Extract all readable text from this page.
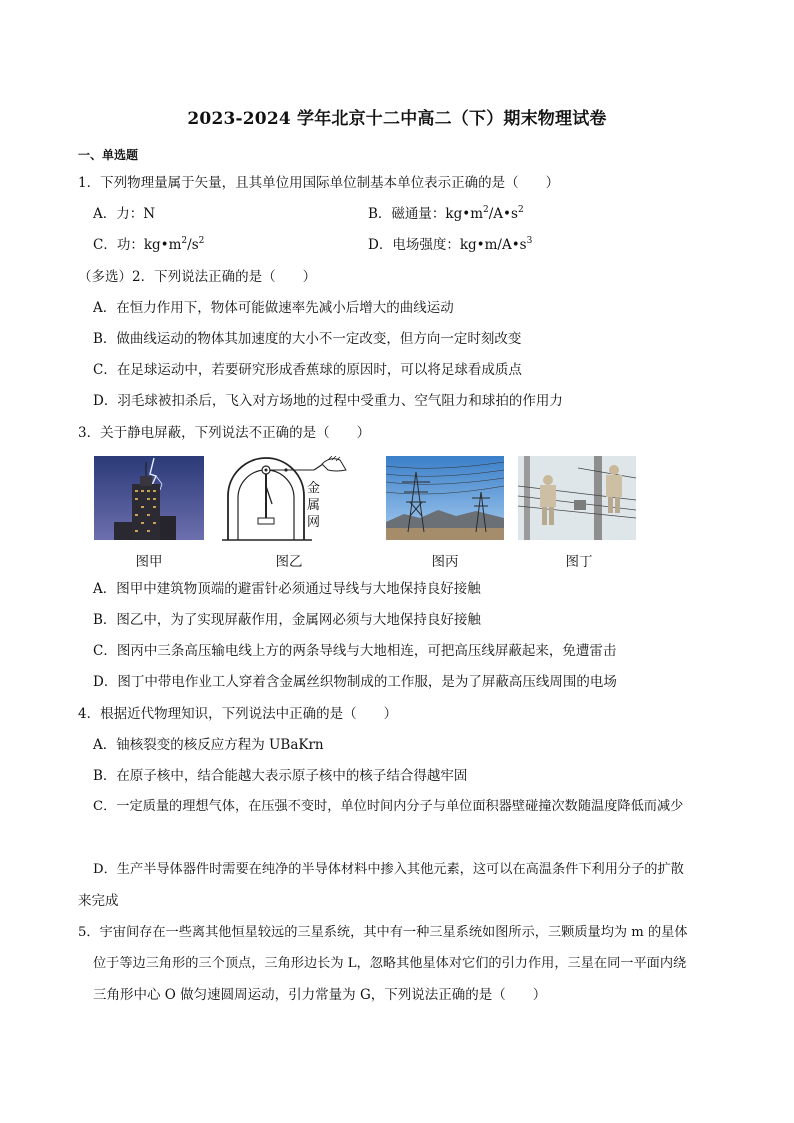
2023-2024 学年北京十二中高二（下）期末物理试卷
一、单选题
1．下列物理量属于矢量，且其单位用国际单位制基本单位表示正确的是（　　）
A．力：N	B．磁通量：$kg•m^2/A•s^2$
C．功：$kg•m^2/s^2$	D．电场强度：$kg•m/A•s^3$
（多选）2．下列说法正确的是（　　）
A．在恒力作用下，物体可能做速率先减小后增大的曲线运动
B．做曲线运动的物体其加速度的大小不一定改变，但方向一定时刻改变
C．在足球运动中，若要研究形成香蕉球的原因时，可以将足球看成质点
D．羽毛球被扣杀后，飞入对方场地的过程中受重力、空气阻力和球拍的作用力
3．关于静电屏蔽，下列说法不正确的是（　　）
金
属
网
图甲	图乙	图丙	图丁
A．图甲中建筑物顶端的避雷针必须通过导线与大地保持良好接触
B．图乙中，为了实现屏蔽作用，金属网必须与大地保持良好接触
C．图丙中三条高压输电线上方的两条导线与大地相连，可把高压线屏蔽起来，免遭雷击
D．图丁中带电作业工人穿着含金属丝织物制成的工作服，是为了屏蔽高压线周围的电场
4．根据近代物理知识，下列说法中正确的是（　　）
A．铀核裂变的核反应方程为 UBaKrn
B．在原子核中，结合能越大表示原子核中的核子结合得越牢固
C．一定质量的理想气体，在压强不变时，单位时间内分子与单位面积器壁碰撞次数随温度降低而减少
D．生产半导体器件时需要在纯净的半导体材料中掺入其他元素，这可以在高温条件下利用分子的扩散
来完成
5．宇宙间存在一些离其他恒星较远的三星系统，其中有一种三星系统如图所示，三颗质量均为 m 的星体
位于等边三角形的三个顶点，三角形边长为 L，忽略其他星体对它们的引力作用，三星在同一平面内绕
三角形中心 O 做匀速圆周运动，引力常量为 G，下列说法正确的是（　　）
